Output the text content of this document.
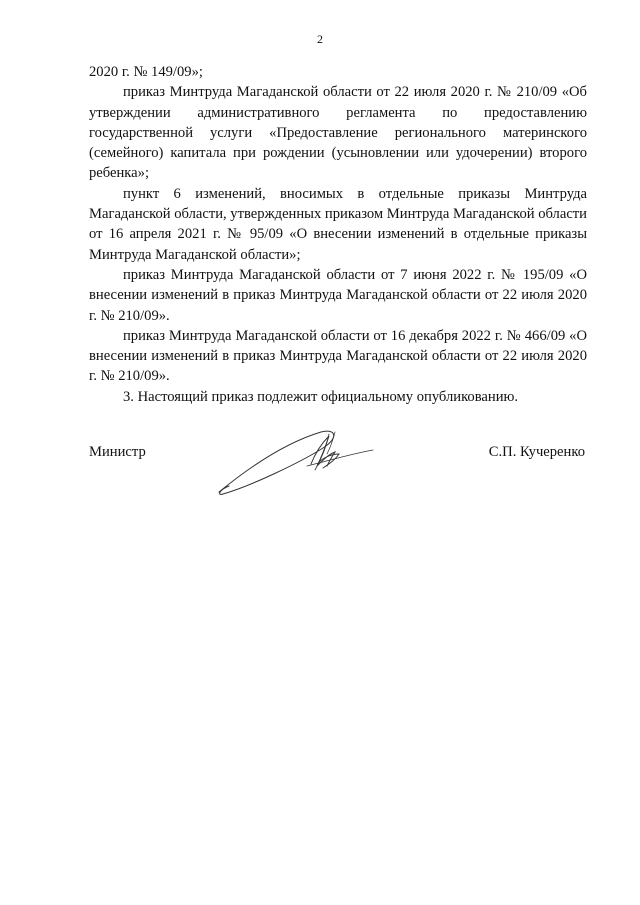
2

2020 г. № 149/09»;

приказ Минтруда Магаданской области от 22 июля 2020 г. № 210/09 «Об утверждении административного регламента по предоставлению государственной услуги «Предоставление регионального материнского (семейного) капитала при рождении (усыновлении или удочерении) второго ребенка»;

пункт 6 изменений, вносимых в отдельные приказы Минтруда Магаданской области, утвержденных приказом Минтруда Магаданской области от 16 апреля 2021 г. № 95/09 «О внесении изменений в отдельные приказы Минтруда Магаданской области»;

приказ Минтруда Магаданской области от 7 июня 2022 г. № 195/09 «О внесении изменений в приказ Минтруда Магаданской области от 22 июля 2020 г. № 210/09».

приказ Минтруда Магаданской области от 16 декабря 2022 г. № 466/09 «О внесении изменений в приказ Минтруда Магаданской области от 22 июля 2020 г. № 210/09».

3. Настоящий приказ подлежит официальному опубликованию.

Министр	С.П. Кучеренко
